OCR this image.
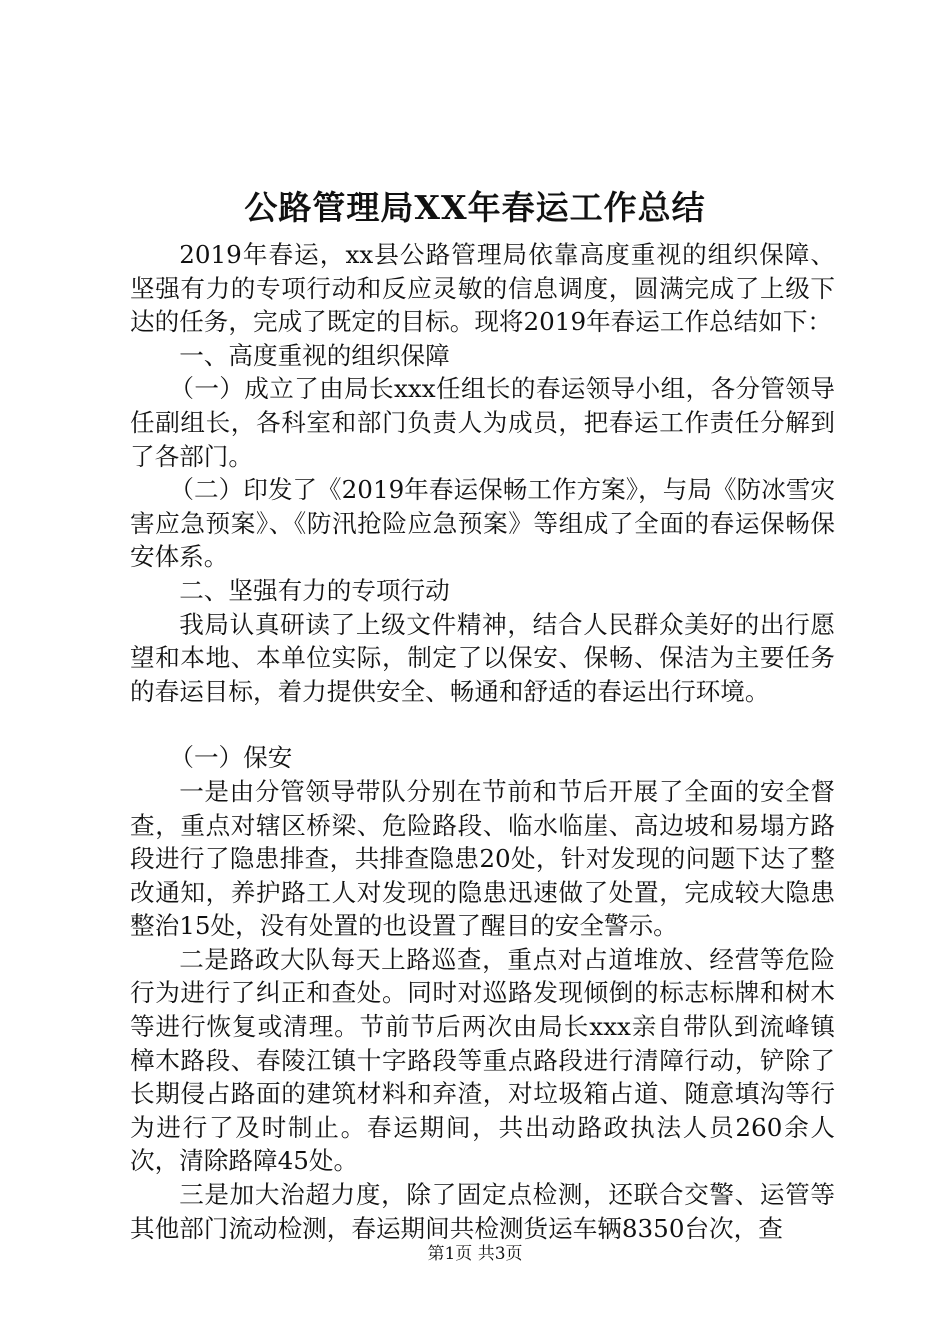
公路管理局XX年春运工作总结

2019年春运，xx县公路管理局依靠高度重视的组织保障、坚强有力的专项行动和反应灵敏的信息调度，圆满完成了上级下达的任务，完成了既定的目标。现将2019年春运工作总结如下：

一、高度重视的组织保障

（一）成立了由局长xxx任组长的春运领导小组，各分管领导任副组长，各科室和部门负责人为成员，把春运工作责任分解到了各部门。

（二）印发了《2019年春运保畅工作方案》，与局《防冰雪灾害应急预案》、《防汛抢险应急预案》等组成了全面的春运保畅保安体系。

二、坚强有力的专项行动

我局认真研读了上级文件精神，结合人民群众美好的出行愿望和本地、本单位实际，制定了以保安、保畅、保洁为主要任务的春运目标，着力提供安全、畅通和舒适的春运出行环境。

（一）保安

一是由分管领导带队分别在节前和节后开展了全面的安全督查，重点对辖区桥梁、危险路段、临水临崖、高边坡和易塌方路段进行了隐患排查，共排查隐患20处，针对发现的问题下达了整改通知，养护路工人对发现的隐患迅速做了处置，完成较大隐患整治15处，没有处置的也设置了醒目的安全警示。

二是路政大队每天上路巡查，重点对占道堆放、经营等危险行为进行了纠正和查处。同时对巡路发现倾倒的标志标牌和树木等进行恢复或清理。节前节后两次由局长xxx亲自带队到流峰镇樟木路段、春陵江镇十字路段等重点路段进行清障行动，铲除了长期侵占路面的建筑材料和弃渣，对垃圾箱占道、随意填沟等行为进行了及时制止。春运期间，共出动路政执法人员260余人次，清除路障45处。

三是加大治超力度，除了固定点检测，还联合交警、运管等其他部门流动检测，春运期间共检测货运车辆8350台次，查

第1页 共3页
